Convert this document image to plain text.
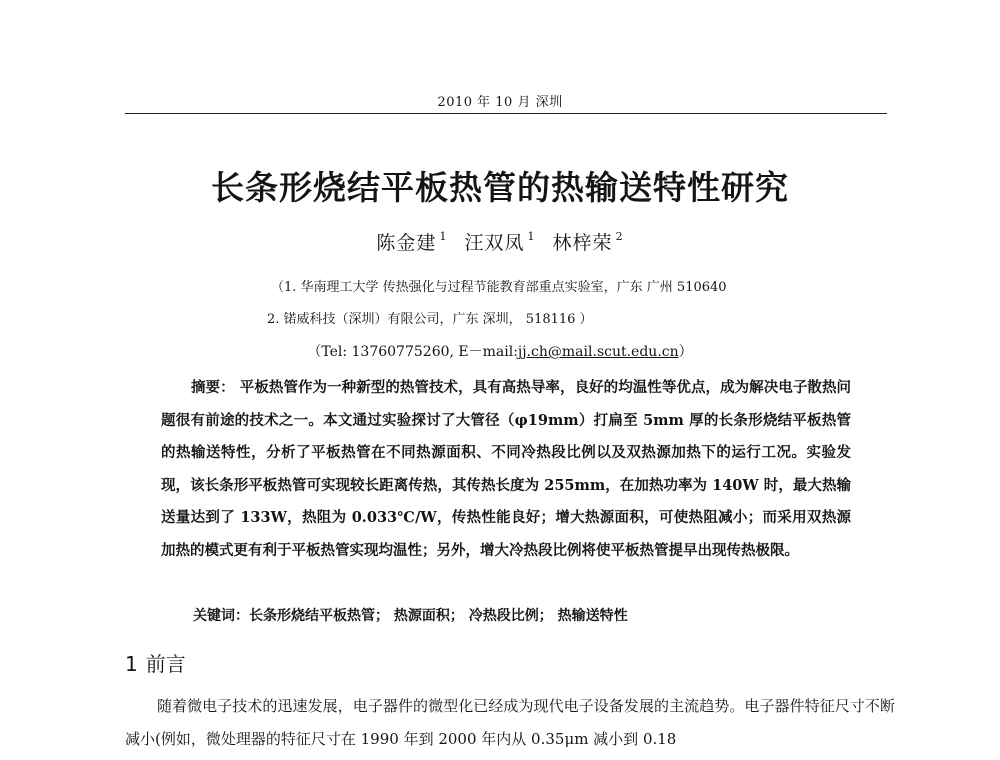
2010 年 10 月 深圳
长条形烧结平板热管的热输送特性研究
陈金建 $^1$ 汪双凤 $^1$ 林梓荣 $^2$
（1. 华南理工大学 传热强化与过程节能教育部重点实验室，广东 广州 510640
2. 锘威科技（深圳）有限公司，广东 深圳， 518116 ）
（Tel: 13760775260, E－mail:jj.ch@mail.scut.edu.cn）
摘要： 平板热管作为一种新型的热管技术，具有高热导率，良好的均温性等优点，成为解决电子散热问题很有前途的技术之一。本文通过实验探讨了大管径（φ19mm）打扁至 5mm 厚的长条形烧结平板热管的热输送特性，分析了平板热管在不同热源面积、不同冷热段比例以及双热源加热下的运行工况。实验发现，该长条形平板热管可实现较长距离传热，其传热长度为 255mm，在加热功率为 140W 时，最大热输送量达到了 133W，热阻为 0.033℃/W，传热性能良好；增大热源面积，可使热阻减小；而采用双热源加热的模式更有利于平板热管实现均温性；另外，增大冷热段比例将使平板热管提早出现传热极限。
关键词：长条形烧结平板热管； 热源面积； 冷热段比例； 热输送特性
1 前言
随着微电子技术的迅速发展，电子器件的微型化已经成为现代电子设备发展的主流趋势。电子器件特征尺寸不断减小(例如，微处理器的特征尺寸在 1990 年到 2000 年内从 0.35μm 减小到 0.18
